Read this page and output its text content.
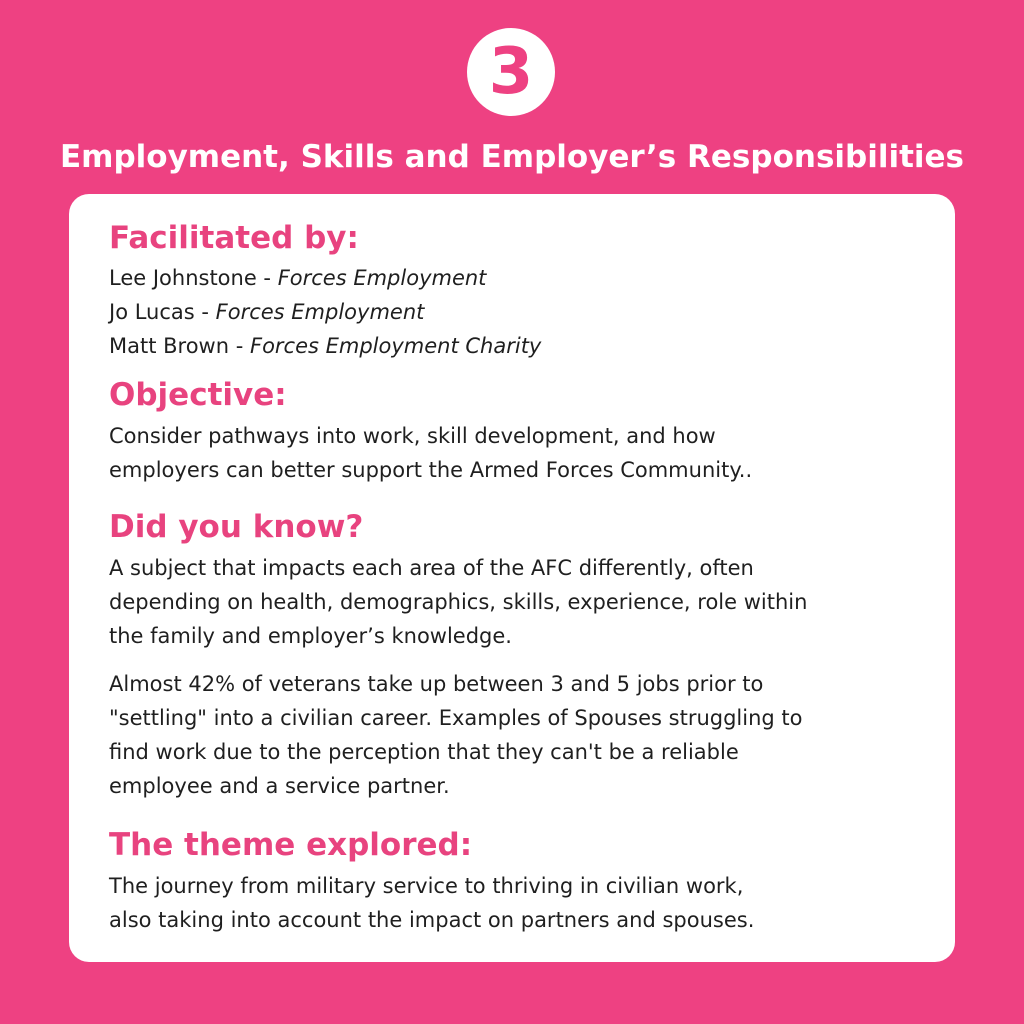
3
Employment, Skills and Employer’s Responsibilities
Facilitated by:
Lee Johnstone - Forces Employment
Jo Lucas - Forces Employment
Matt Brown - Forces Employment Charity
Objective:
Consider pathways into work, skill development, and how
employers can better support the Armed Forces Community..
Did you know?
A subject that impacts each area of the AFC differently, often
depending on health, demographics, skills, experience, role within
the family and employer’s knowledge.
Almost 42% of veterans take up between 3 and 5 jobs prior to
"settling" into a civilian career. Examples of Spouses struggling to
find work due to the perception that they can't be a reliable
employee and a service partner.
The theme explored:
The journey from military service to thriving in civilian work,
also taking into account the impact on partners and spouses.
